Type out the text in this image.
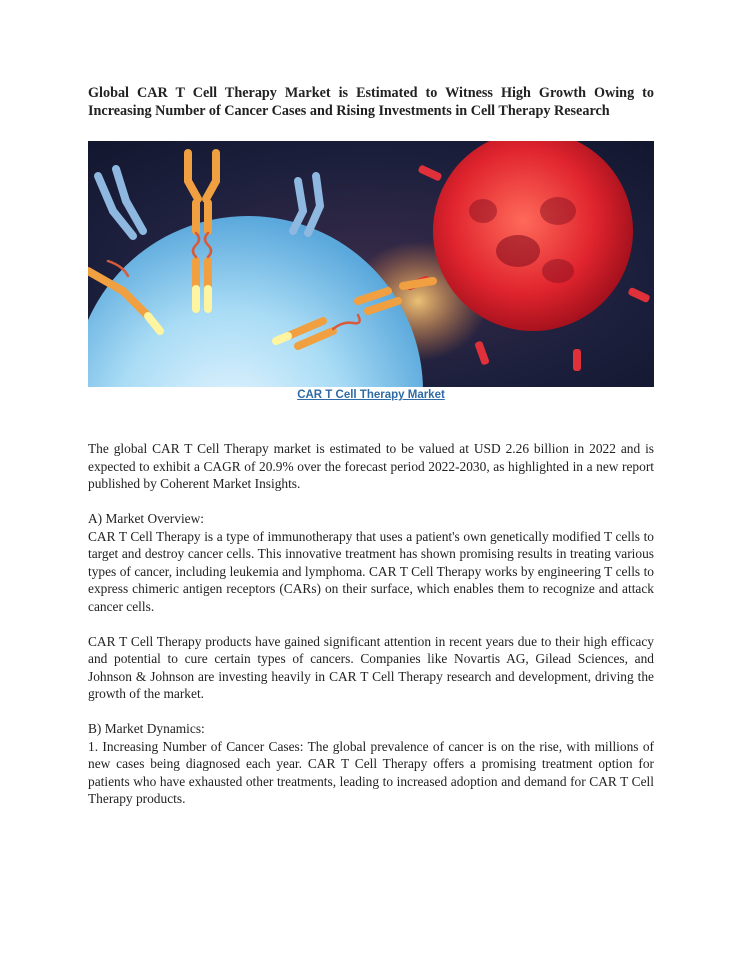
Global CAR T Cell Therapy Market is Estimated to Witness High Growth Owing to Increasing Number of Cancer Cases and Rising Investments in Cell Therapy Research

CAR T Cell Therapy Market

The global CAR T Cell Therapy market is estimated to be valued at USD 2.26 billion in 2022 and is expected to exhibit a CAGR of 20.9% over the forecast period 2022-2030, as highlighted in a new report published by Coherent Market Insights.

A) Market Overview:

CAR T Cell Therapy is a type of immunotherapy that uses a patient's own genetically modified T cells to target and destroy cancer cells. This innovative treatment has shown promising results in treating various types of cancer, including leukemia and lymphoma. CAR T Cell Therapy works by engineering T cells to express chimeric antigen receptors (CARs) on their surface, which enables them to recognize and attack cancer cells.

CAR T Cell Therapy products have gained significant attention in recent years due to their high efficacy and potential to cure certain types of cancers. Companies like Novartis AG, Gilead Sciences, and Johnson & Johnson are investing heavily in CAR T Cell Therapy research and development, driving the growth of the market.

B) Market Dynamics:

1. Increasing Number of Cancer Cases: The global prevalence of cancer is on the rise, with millions of new cases being diagnosed each year. CAR T Cell Therapy offers a promising treatment option for patients who have exhausted other treatments, leading to increased adoption and demand for CAR T Cell Therapy products.
